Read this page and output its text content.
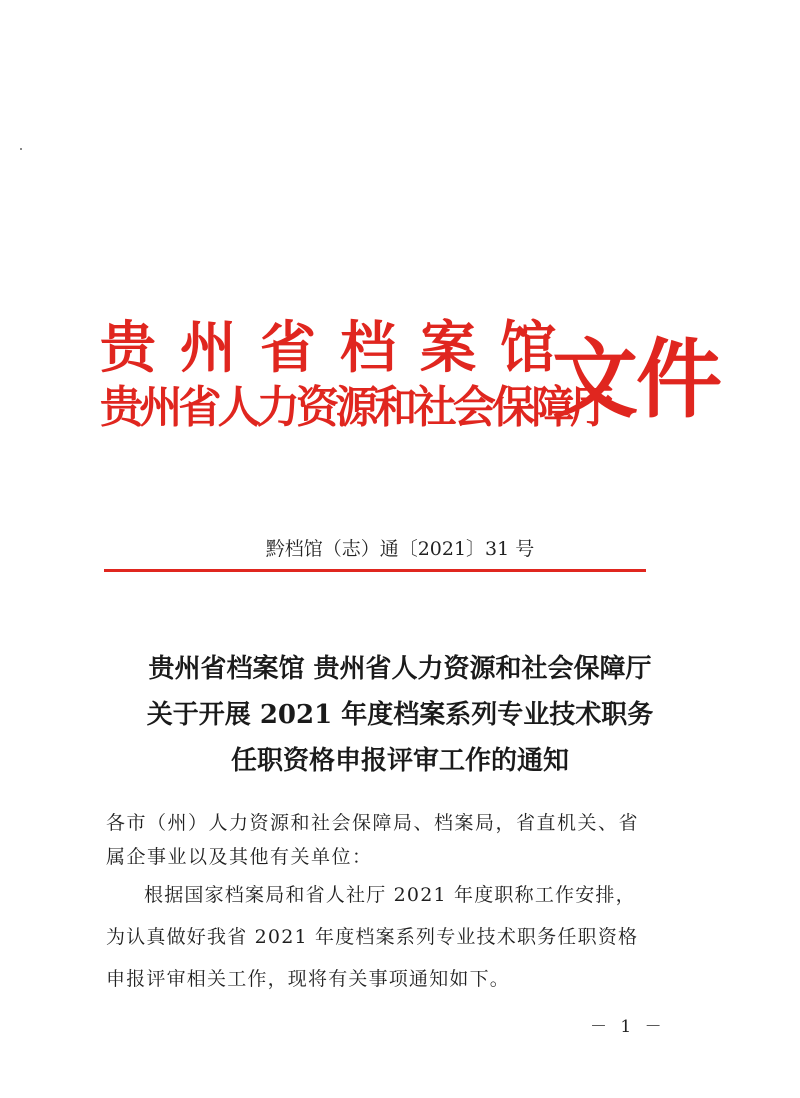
贵州省档案馆
贵州省人力资源和社会保障厅
文件
黔档馆（志）通〔2021〕31 号
贵州省档案馆 贵州省人力资源和社会保障厅
关于开展 2021 年度档案系列专业技术职务
任职资格申报评审工作的通知

各市（州）人力资源和社会保障局、档案局，省直机关、省属企事业以及其他有关单位：

根据国家档案局和省人社厅 2021 年度职称工作安排，为认真做好我省 2021 年度档案系列专业技术职务任职资格申报评审相关工作，现将有关事项通知如下。

－ 1 －
